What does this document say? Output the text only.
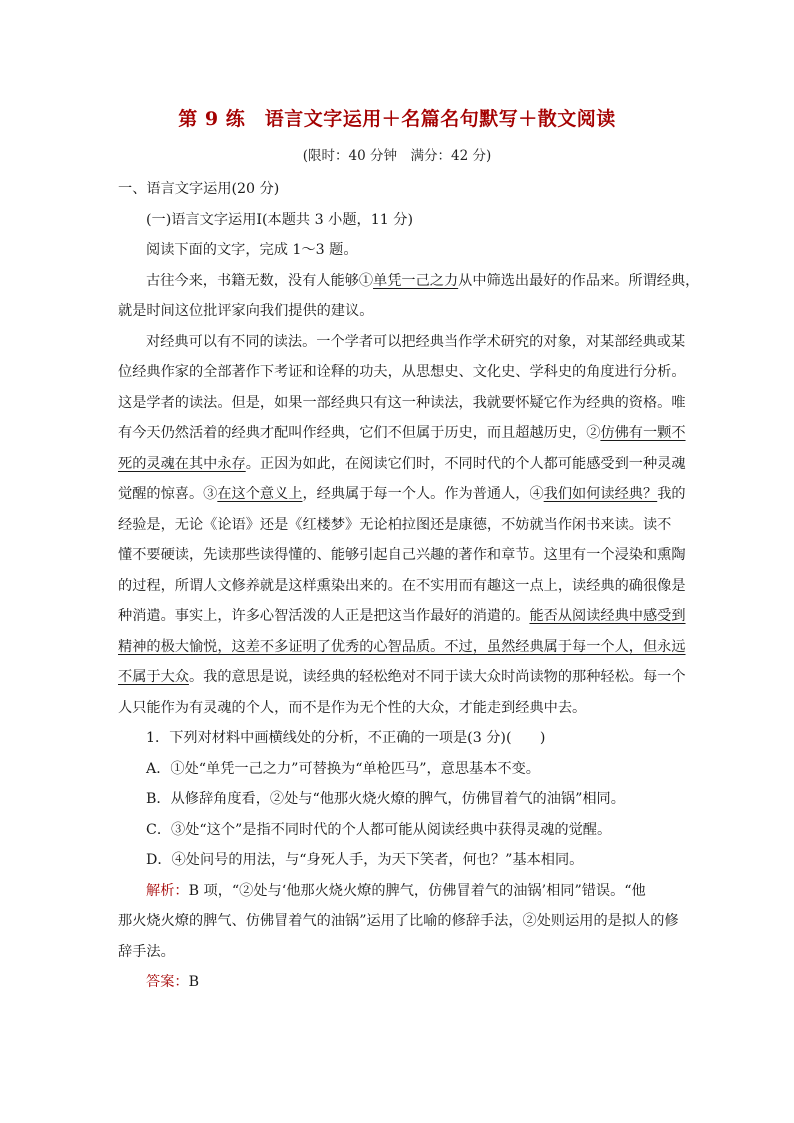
第 9 练　语言文字运用＋名篇名句默写＋散文阅读
(限时：40 分钟　满分：42 分)
一、语言文字运用(20 分)
(一)语言文字运用Ⅰ(本题共 3 小题，11 分)
阅读下面的文字，完成 1～3 题。
古往今来，书籍无数，没有人能够①单凭一己之力从中筛选出最好的作品来。所谓经典，
就是时间这位批评家向我们提供的建议。
对经典可以有不同的读法。一个学者可以把经典当作学术研究的对象，对某部经典或某
位经典作家的全部著作下考证和诠释的功夫，从思想史、文化史、学科史的角度进行分析。
这是学者的读法。但是，如果一部经典只有这一种读法，我就要怀疑它作为经典的资格。唯
有今天仍然活着的经典才配叫作经典，它们不但属于历史，而且超越历史，②仿佛有一颗不
死的灵魂在其中永存。正因为如此，在阅读它们时，不同时代的个人都可能感受到一种灵魂
觉醒的惊喜。③在这个意义上，经典属于每一个人。作为普通人，④我们如何读经典？我的
经验是，无论《论语》还是《红楼梦》无论柏拉图还是康德，不妨就当作闲书来读。读不
懂不要硬读，先读那些读得懂的、能够引起自己兴趣的著作和章节。这里有一个浸染和熏陶
的过程，所谓人文修养就是这样熏染出来的。在不实用而有趣这一点上，读经典的确很像是
种消遣。事实上，许多心智活泼的人正是把这当作最好的消遣的。能否从阅读经典中感受到
精神的极大愉悦，这差不多证明了优秀的心智品质。不过，虽然经典属于每一个人，但永远
不属于大众。我的意思是说，读经典的轻松绝对不同于读大众时尚读物的那种轻松。每一个
人只能作为有灵魂的个人，而不是作为无个性的大众，才能走到经典中去。
1．下列对材料中画横线处的分析，不正确的一项是(3 分)(　　)
A．①处“单凭一己之力”可替换为“单枪匹马”，意思基本不变。
B．从修辞角度看，②处与“他那火烧火燎的脾气，仿佛冒着气的油锅”相同。
C．③处“这个”是指不同时代的个人都可能从阅读经典中获得灵魂的觉醒。
D．④处问号的用法，与“身死人手，为天下笑者，何也？”基本相同。
解析：B 项，“②处与‘他那火烧火燎的脾气，仿佛冒着气的油锅’相同”错误。“他
那火烧火燎的脾气、仿佛冒着气的油锅”运用了比喻的修辞手法，②处则运用的是拟人的修
辞手法。
答案：B
